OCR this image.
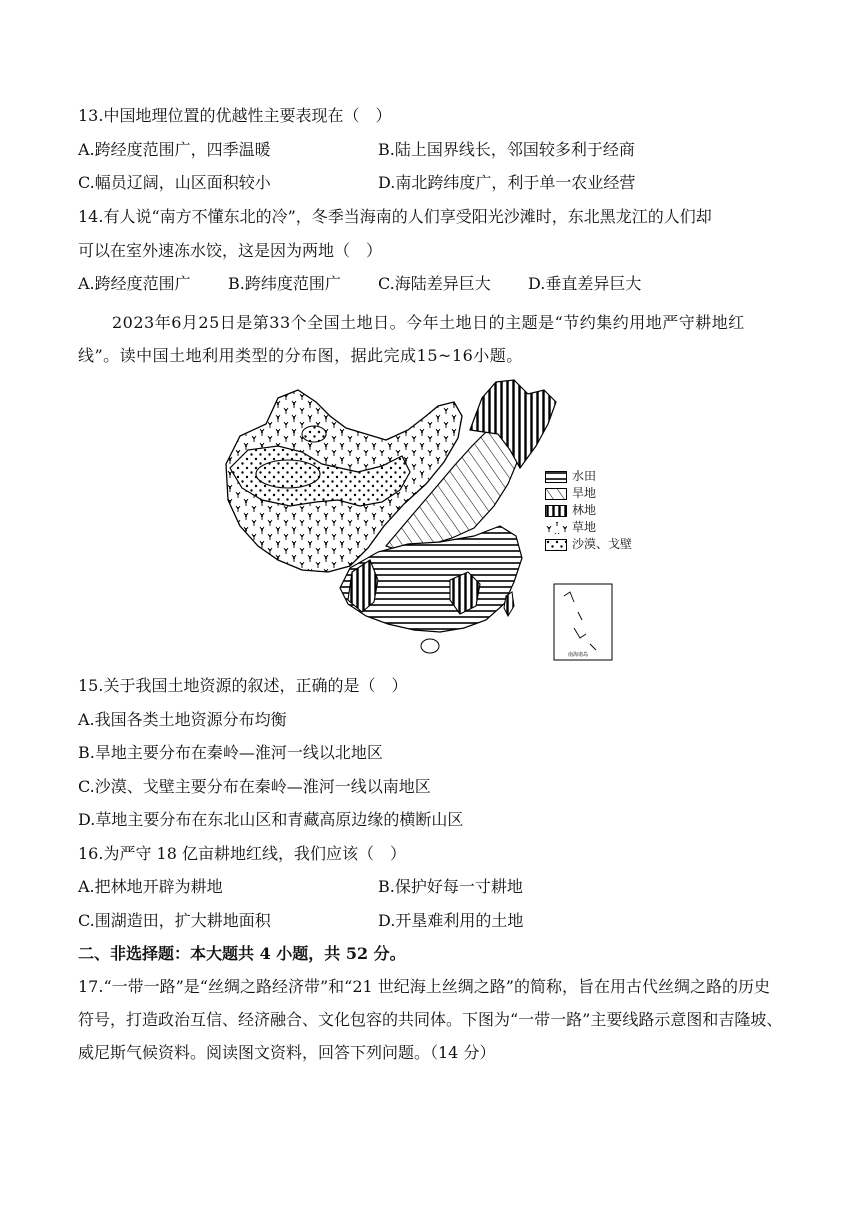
13.中国地理位置的优越性主要表现在（　）
A.跨经度范围广，四季温暖	B.陆上国界线长，邻国较多利于经商
C.幅员辽阔，山区面积较小	D.南北跨纬度广，利于单一农业经营
14.有人说“南方不懂东北的冷”，冬季当海南的人们享受阳光沙滩时，东北黑龙江的人们却
可以在室外速冻水饺，这是因为两地（　）
A.跨经度范围广 B.跨纬度范围广 C.海陆差异巨大 D.垂直差异巨大
2023年6月25日是第33个全国土地日。今年土地日的主题是“节约集约用地严守耕地红线”。读中国土地利用类型的分布图，据此完成15~16小题。
南海诸岛
水田
旱地
林地
草地
沙漠、戈壁
15.关于我国土地资源的叙述，正确的是（　）
A.我国各类土地资源分布均衡
B.旱地主要分布在秦岭—淮河一线以北地区
C.沙漠、戈壁主要分布在秦岭—淮河一线以南地区
D.草地主要分布在东北山区和青藏高原边缘的横断山区
16.为严守 18 亿亩耕地红线，我们应该（　）
A.把林地开辟为耕地	B.保护好每一寸耕地
C.围湖造田，扩大耕地面积	D.开垦难利用的土地
二、非选择题：本大题共 4 小题，共 52 分。
17.“一带一路”是“丝绸之路经济带”和“21 世纪海上丝绸之路”的简称，旨在用古代丝绸之路的历史符号，打造政治互信、经济融合、文化包容的共同体。下图为“一带一路”主要线路示意图和吉隆坡、威尼斯气候资料。阅读图文资料，回答下列问题。（14 分）
